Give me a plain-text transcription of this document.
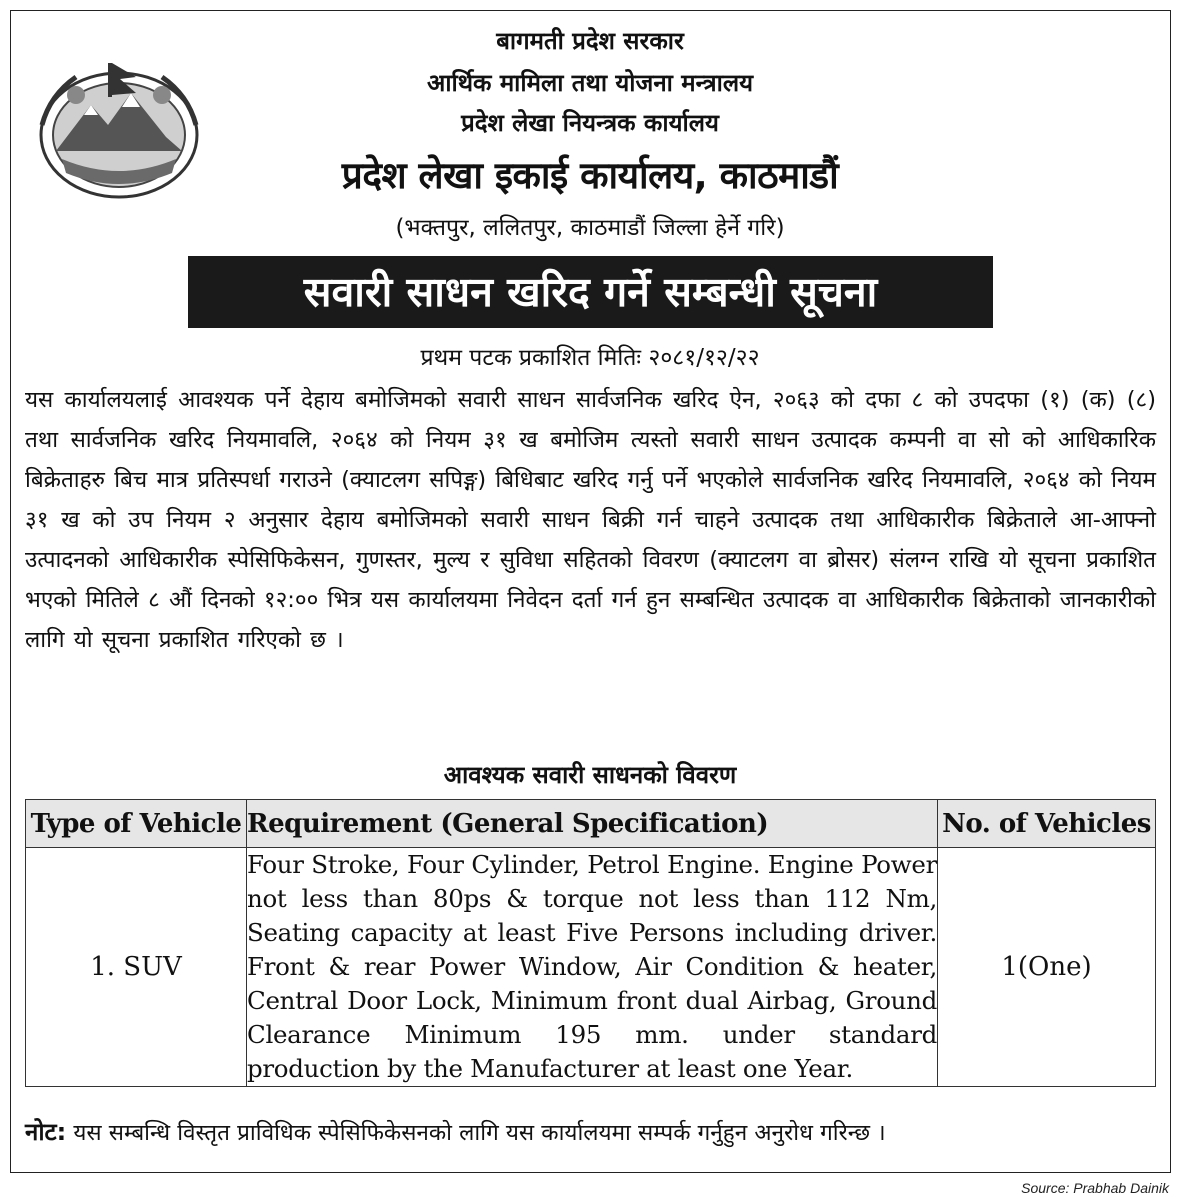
बागमती प्रदेश सरकार
आर्थिक मामिला तथा योजना मन्त्रालय
प्रदेश लेखा नियन्त्रक कार्यालय
प्रदेश लेखा इकाई कार्यालय, काठमाडौं
(भक्तपुर, ललितपुर, काठमाडौं जिल्ला हेर्ने गरि)
सवारी साधन खरिद गर्ने सम्बन्धी सूचना
प्रथम पटक प्रकाशित मितिः २०८१/१२/२२
यस कार्यालयलाई आवश्यक पर्ने देहाय बमोजिमको सवारी साधन सार्वजनिक खरिद ऐन, २०६३ को दफा ८ को उपदफा (१) (क) (८) तथा सार्वजनिक खरिद नियमावलि, २०६४ को नियम ३१ ख बमोजिम त्यस्तो सवारी साधन उत्पादक कम्पनी वा सो को आधिकारिक बिक्रेताहरु बिच मात्र प्रतिस्पर्धा गराउने (क्याटलग सपिङ्ग) बिधिबाट खरिद गर्नु पर्ने भएकोले सार्वजनिक खरिद नियमावलि, २०६४ को नियम ३१ ख को उप नियम २ अनुसार देहाय बमोजिमको सवारी साधन बिक्री गर्न चाहने उत्पादक तथा आधिकारीक बिक्रेताले आ-आफ्नो उत्पादनको आधिकारीक स्पेसिफिकेसन, गुणस्तर, मुल्य र सुविधा सहितको विवरण (क्याटलग वा ब्रोसर) संलग्न राखि यो सूचना प्रकाशित भएको मितिले ८ औं दिनको १२:०० भित्र यस कार्यालयमा निवेदन दर्ता गर्न हुन सम्बन्धित उत्पादक वा आधिकारीक बिक्रेताको जानकारीको लागि यो सूचना प्रकाशित गरिएको छ ।
आवश्यक सवारी साधनको विवरण
Type of Vehicle	Requirement (General Specification)	No. of Vehicles
1. SUV	Four Stroke, Four Cylinder, Petrol Engine. Engine Power not less than 80ps & torque not less than 112 Nm, Seating capacity at least Five Persons including driver. Front & rear Power Window, Air Condition & heater, Central Door Lock, Minimum front dual Airbag, Ground Clearance Minimum 195 mm. under standard production by the Manufacturer at least one Year.	1(One)
नोट: यस सम्बन्धि विस्तृत प्राविधिक स्पेसिफिकेसनको लागि यस कार्यालयमा सम्पर्क गर्नुहुन अनुरोध गरिन्छ ।
Source: Prabhab Dainik
